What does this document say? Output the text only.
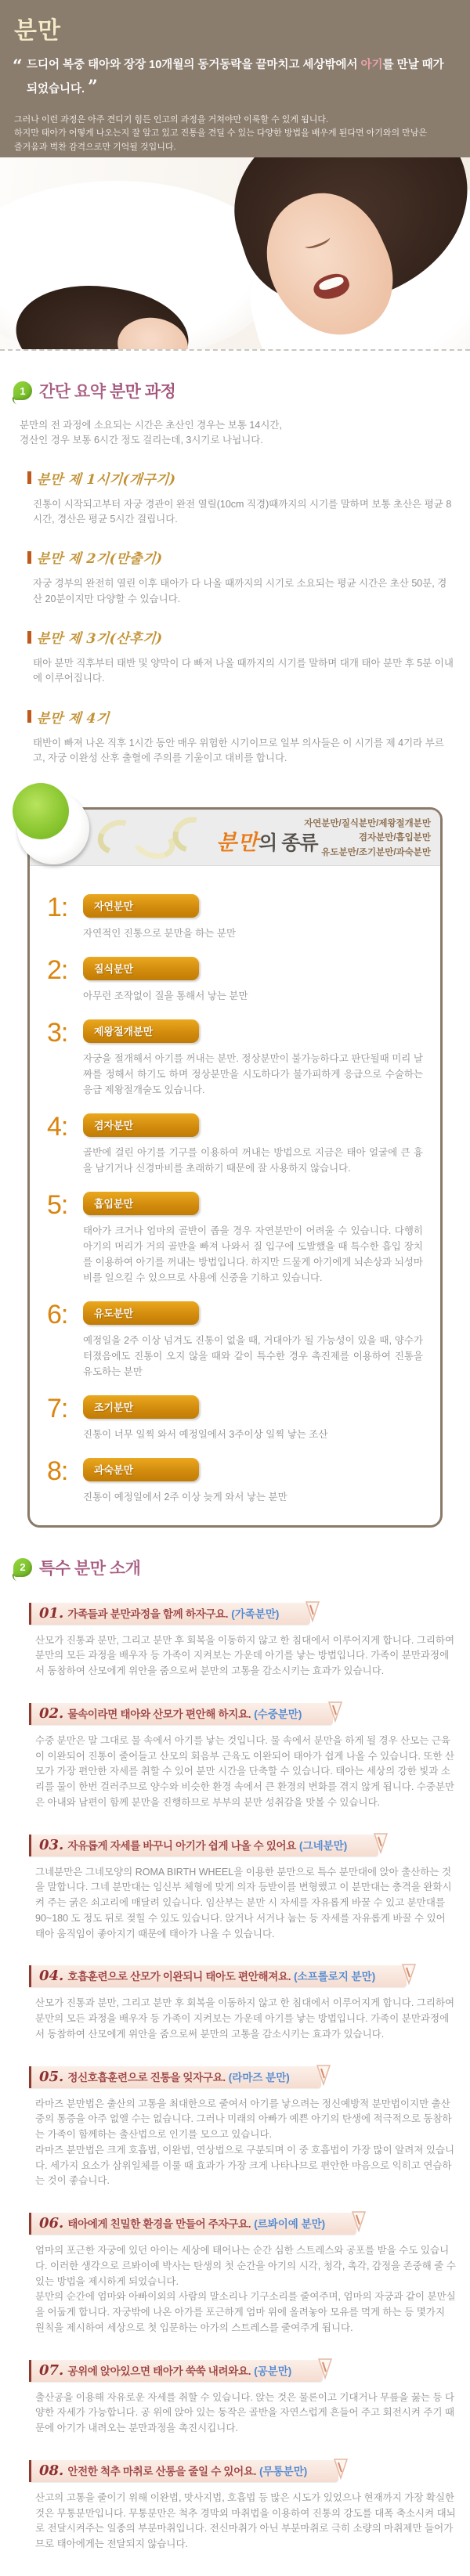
분만
“ 드디어 복중 태아와 장장 10개월의 동거동락을 끝마치고 세상밖에서 아기를 만날 때가 되었습니다. ”
그러나 이런 과정은 아주 견디기 힘든 인고의 과정을 거쳐야만 이룩할 수 있게 됩니다.
하지만 태아가 어떻게 나오는지 잘 알고 있고 진통을 견딜 수 있는 다양한 방법을 배우게 된다면 아기와의 만남은
즐거움과 벅찬 감격으로만 기억될 것입니다.
1 간단 요약 분만 과정
분만의 전 과정에 소요되는 시간은 초산인 경우는 보통 14시간,
경산인 경우 보통 6시간 정도 걸리는데, 3시기로 나뉩니다.
분만 제 1시기(개구기)
진통이 시작되고부터 자궁 경관이 완전 열릴(10cm 직경)때까지의 시기를 말하며 보통 초산은 평균 8시간, 경산은 평균 5시간 걸립니다.
분만 제 2기(만출기)
자궁 경부의 완전히 열린 이후 태아가 다 나올 때까지의 시기로 소요되는 평균 시간은 초산 50분, 경산 20분이지만 다양할 수 있습니다.
분만 제 3기(산후기)
태아 분만 직후부터 태반 및 양막이 다 빠져 나올 때까지의 시기를 말하며 대개 태아 분만 후 5분 이내에 이루어집니다.
분만 제 4기
태반이 빠져 나온 직후 1시간 동안 매우 위험한 시기이므로 일부 의사들은 이 시기를 제 4기라 부르고, 자궁 이완성 산후 출혈에 주의를 기울이고 대비를 합니다.
분만의 종류
자연분만/질식분만/제왕절개분만
겸자분만/흡입분만
유도분만/조기분만/과숙분만
1:	자연분만
자연적인 진통으로 분만을 하는 분만
2:	질식분만
아무런 조작없이 질을 통해서 낳는 분만
3:	제왕절개분만
자궁을 절개해서 아기를 꺼내는 분만. 정상분만이 불가능하다고 판단될때 미리 날짜를 정해서 하기도 하며 정상분만을 시도하다가 불가피하게 응급으로 수술하는 응급 제왕절개술도 있습니다.
4:	겸자분만
골반에 걸린 아기를 기구를 이용하여 꺼내는 방법으로 지금은 태아 얼굴에 큰 흉을 남기거나 신경마비를 초래하기 때문에 잘 사용하지 않습니다.
5:	흡입분만
태아가 크거나 엄마의 골반이 좁을 경우 자연분만이 어려울 수 있습니다. 다행히 아기의 머리가 거의 골반을 빠져 나와서 질 입구에 도발했을 때 특수한 흡입 장치를 이용하여 아기를 꺼내는 방법입니다. 하지만 드물게 아기에게 뇌손상과 뇌성마비를 일으킬 수 있으므로 사용에 신중을 기하고 있습니다.
6:	유도분만
예정일을 2주 이상 넘겨도 진통이 없을 때, 거대아가 될 가능성이 있을 때, 양수가 터졌음에도 진통이 오지 않을 때와 같이 특수한 경우 촉진제를 이용하여 진통을 유도하는 분만
7:	조기분만
진통이 너무 일찍 와서 예정일에서 3주이상 일찍 낳는 조산
8:	과숙분만
진통이 예정일에서 2주 이상 늦게 와서 낳는 분만
2 특수 분만 소개
01. 가족들과 분만과정을 함께 하자구요. (가족분만)
산모가 진통과 분만, 그리고 분만 후 회복을 이동하지 않고 한 침대에서 이루어지게 합니다. 그리하여 분만의 모든 과정을 배우자 등 가족이 지켜보는 가운데 아기를 낳는 방법입니다. 가족이 분만과정에서 동참하여 산모에게 위안을 줌으로써 분만의 고통을 감소시키는 효과가 있습니다.
02. 물속이라면 태아와 산모가 편안해 하지요. (수중분만)
수중 분만은 말 그대로 물 속에서 아기를 낳는 것입니다. 물 속에서 분만을 하게 될 경우 산모는 근육이 이완되어 진통이 줄어들고 산모의 회음부 근육도 이완되어 태아가 쉽게 나올 수 있습니다. 또한 산모가 가장 편안한 자세를 취할 수 있어 분만 시간을 단축할 수 있습니다. 태아는 세상의 강한 빛과 소리를 물이 한번 걸러주므로 양수와 비슷한 환경 속에서 큰 환경의 변화를 겪지 않게 됩니다. 수중분만은 아내와 남편이 함께 분만을 진행하므로 부부의 분만 성취감을 맛볼 수 있습니다.
03. 자유롭게 자세를 바꾸니 아기가 쉽게 나올 수 있어요 (그네분만)
그네분만은 그네모양의 ROMA BIRTH WHEEL을 이용한 분만으로 특수 분만대에 앉아 출산하는 것을 말합니다. 그네 분만대는 임신부 체형에 맞게 의자 등받이를 변형했고 이 분만대는 충격을 완화시켜 주는 굵은 쇠고리에 매달려 있습니다. 임산부는 분만 시 자세를 자유롭게 바꿀 수 있고 분만대를 90~180 도 정도 뒤로 젖힐 수 있도 있습니다. 앉거나 서거나 눕는 등 자세를 자유롭게 바꿀 수 있어 태아 움직임이 좋아지기 때문에 태아가 나올 수 있습니다.
04. 호흡훈련으로 산모가 이완되니 태아도 편안해져요. (소프롤로지 분만)
산모가 진통과 분만, 그리고 분만 후 회복을 이동하지 않고 한 침대에서 이루어지게 합니다. 그리하여 분만의 모든 과정을 배우자 등 가족이 지켜보는 가운데 아기를 낳는 방법입니다. 가족이 분만과정에서 동참하여 산모에게 위안을 줌으로써 분만의 고통을 감소시키는 효과가 있습니다.
05. 정신호흡훈련으로 진통을 잊자구요. (라마즈 분만)
라마즈 분만법은 출산의 고통을 최대한으로 줄여서 아기를 낳으려는 정신예방적 분만법이지만 출산 중의 통증을 아주 없앨 수는 없습니다. 그러나 미래의 아빠가 예쁜 아기의 탄생에 적극적으로 동참하는 가족이 함께하는 출산법으로 인기를 모으고 있습니다.
라마즈 분만법은 크게 호흡법, 이완법, 연상법으로 구분되며 이 중 호흡법이 가장 많이 알려져 있습니다. 세가지 요소가 삼위일체를 이룰 때 효과가 가장 크게 나타나므로 편안한 마음으로 익히고 연습하는 것이 좋습니다.
06. 태아에게 친밀한 환경을 만들어 주자구요. (르봐이예 분만)
엄마의 포근한 자궁에 있던 아이는 세상에 태어나는 순간 심한 스트레스와 공포를 받을 수도 있습니다. 이러한 생각으로 르봐이예 박사는 탄생의 첫 순간을 아기의 시각, 청각, 촉각, 감정을 존중해 줄 수 있는 방법을 제시하게 되었습니다.
분만의 순간에 엄마와 아빠이외의 사람의 말소리나 기구소리를 줄여주며, 엄마의 자궁과 같이 분만실을 어둡게 합니다. 자궁밖에 나온 아가를 포근하게 엄마 위에 올려놓아 모유를 먹게 하는 등 몇가지 원칙을 제시하여 세상으로 첫 입문하는 아가의 스트레스를 줄여주게 됩니다.
07. 공위에 앉아있으면 태아가 쑥쑥 내려와요. (공분만)
출산공을 이용해 자유로운 자세를 취할 수 있습니다. 앉는 것은 물론이고 기대거나 무릎을 꿇는 등 다양한 자세가 가능합니다. 공 위에 앉아 있는 동작은 골반을 자연스럽게 흔들어 주고 회전시켜 주기 때문에 아기가 내려오는 분만과정을 촉진시킵니다.
08. 안전한 척추 마취로 산통을 줄일 수 있어요. (무통분만)
산고의 고통을 줄이기 위해 이완법, 맛사지법, 호흡법 등 많은 시도가 있었으나 현재까지 가장 확실한 것은 무통분만입니다. 무통분만은 척추 경막외 마취법을 이용하여 진통의 강도를 대폭 축소시켜 대뇌로 전달시켜주는 일종의 부분마취입니다. 전신마취가 아닌 부분마취로 극히 소량의 마취제만 들어가므로 태아에게는 전달되지 않습니다.
